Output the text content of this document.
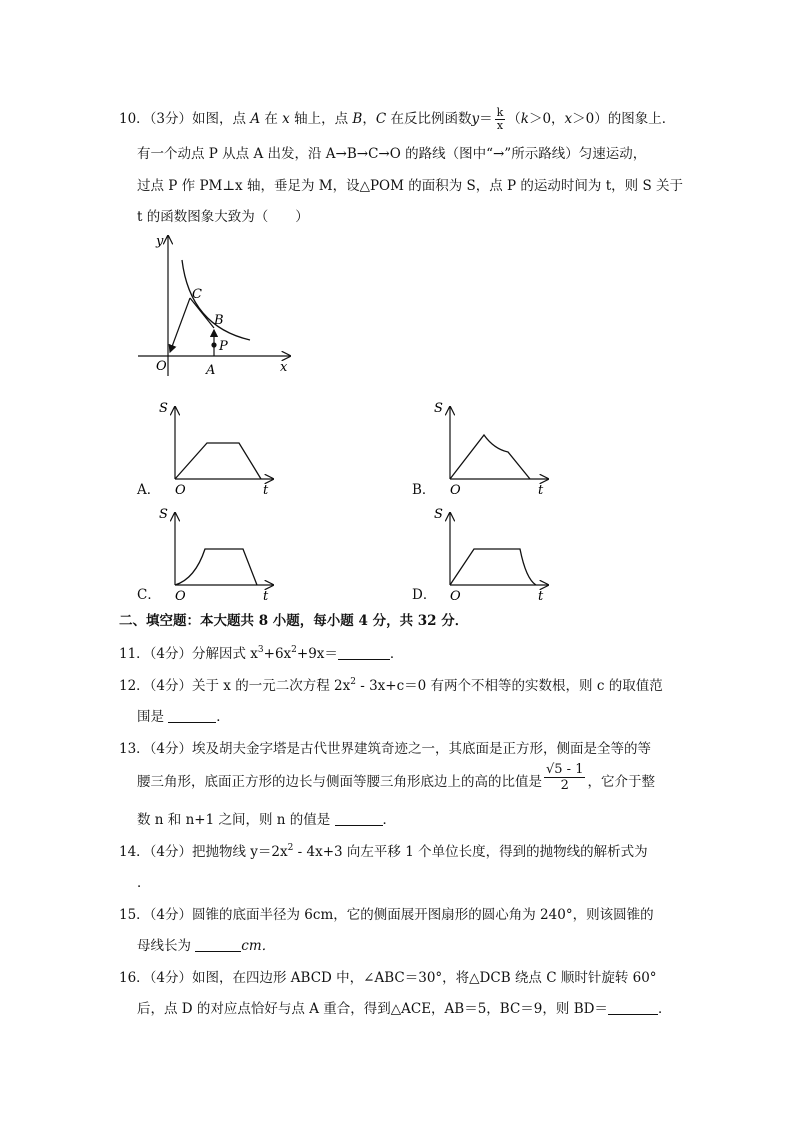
10．（3分）如图，点 A 在 x 轴上，点 B，C 在反比例函数$y= \frac{k}{x} (k>0$，x＞0）的图象上．
有一个动点 P 从点 A 出发，沿 A→B→C→O 的路线（图中“→”所示路线）匀速运动，
过点 P 作 PM⊥x 轴，垂足为 M，设△POM 的面积为 S，点 P 的运动时间为 t，则 S 关于
t 的函数图象大致为（　　）
y
x
O	A
B
C
P
A．
S
O	t	B．
S
O	t
C．
S
O	t	D．
S
O	t
二、填空题：本大题共 8 小题，每小题 4 分，共 32 分．
11．（4分）分解因式 $x^3+6x^2+9x=$	．
12．（4分）关于 x 的一元二次方程 $2x^2 - 3x+c=0$ 有两个不相等的实数根，则 c 的取值范
围是	．
13．（4分）埃及胡夫金字塔是古代世界建筑奇迹之一，其底面是正方形，侧面是全等的等
腰三角形，底面正方形的边长与侧面等腰三角形底边上的高的比值是 $\frac{√5 - 1}{2}$ ，它介于整
数 n 和 n+1 之间，则 n 的值是	．
14．（4分）把抛物线 $y=2x^2 - 4x+3$ 向左平移 1 个单位长度，得到的抛物线的解析式为
．
15．（4分）圆锥的底面半径为 6cm，它的侧面展开图扇形的圆心角为 240°，则该圆锥的
母线长为	cm．
16．（4分）如图，在四边形 ABCD 中，∠ABC＝30°，将△DCB 绕点 C 顺时针旋转 60°
后，点 D 的对应点恰好与点 A 重合，得到△ACE，AB＝5，BC＝9，则 BD＝	．
